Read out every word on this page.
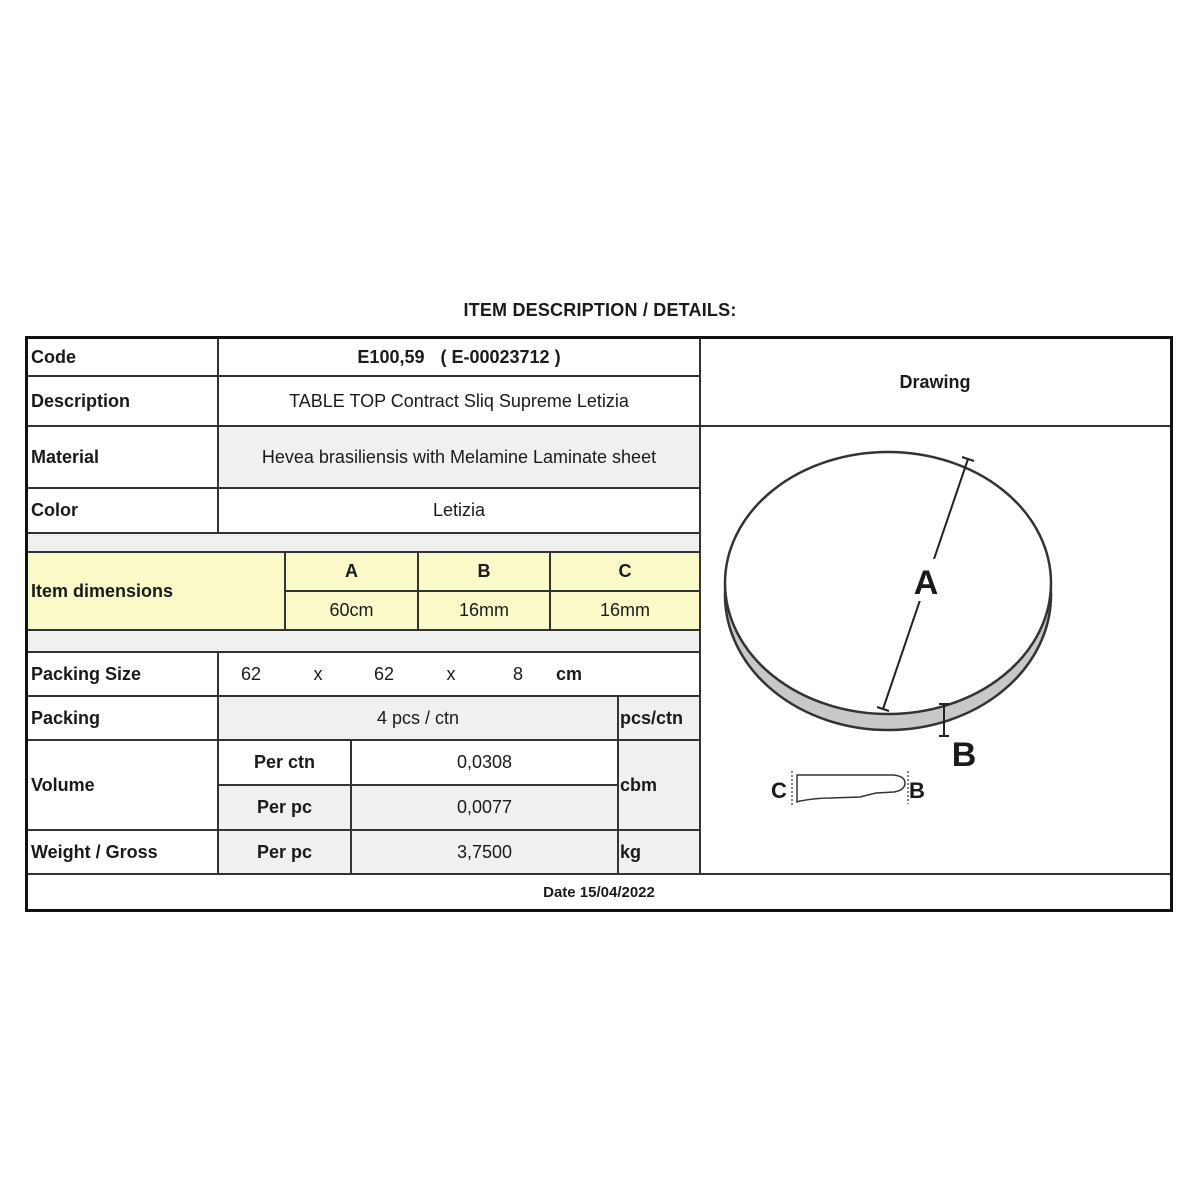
ITEM DESCRIPTION / DETAILS:
Code	E100,59 ( E-00023712 )
Description	TABLE TOP Contract Sliq Supreme Letizia
Drawing
Material	Hevea brasiliensis with Melamine Laminate sheet
Color	Letizia
Item dimensions
A	B	C
60cm	16mm	16mm
Packing Size	62	x	62	x	8	cm
Packing	4 pcs / ctn	pcs/ctn
Volume
Per ctn	0,0308
Per pc	0,0077
cbm
Weight / Gross	Per pc	3,7500	kg
Date 15/04/2022
A
B
C	B
